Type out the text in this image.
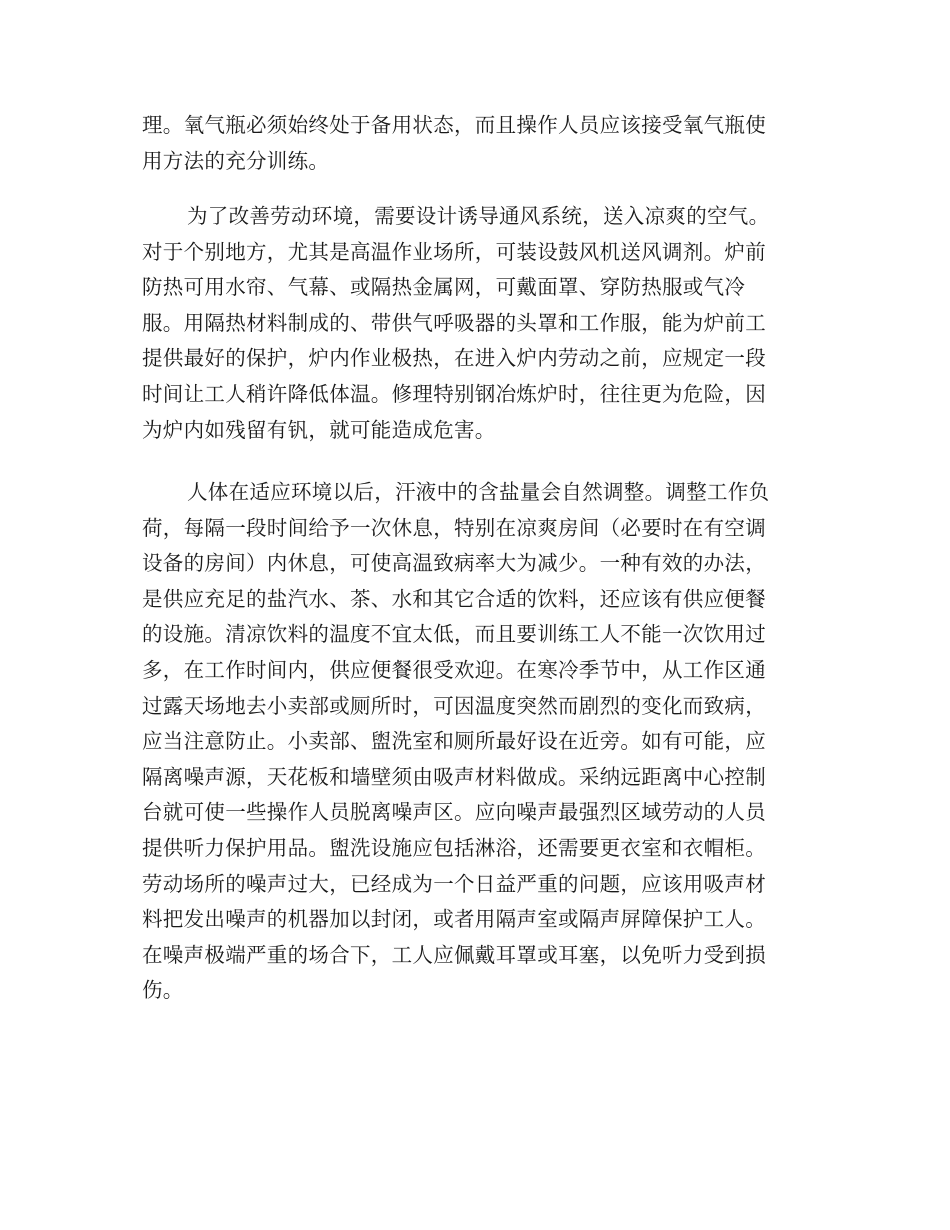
理。氧气瓶必须始终处于备用状态，而且操作人员应该接受氧气瓶使
用方法的充分训练。
为了改善劳动环境，需要设计诱导通风系统，送入凉爽的空气。
对于个别地方，尤其是高温作业场所，可装设鼓风机送风调剂。炉前
防热可用水帘、气幕、或隔热金属网，可戴面罩、穿防热服或气冷
服。用隔热材料制成的、带供气呼吸器的头罩和工作服，能为炉前工
提供最好的保护，炉内作业极热，在进入炉内劳动之前，应规定一段
时间让工人稍许降低体温。修理特别钢冶炼炉时，往往更为危险，因
为炉内如残留有钒，就可能造成危害。
人体在适应环境以后，汗液中的含盐量会自然调整。调整工作负
荷，每隔一段时间给予一次休息，特别在凉爽房间（必要时在有空调
设备的房间）内休息，可使高温致病率大为减少。一种有效的办法，
是供应充足的盐汽水、茶、水和其它合适的饮料，还应该有供应便餐
的设施。清凉饮料的温度不宜太低，而且要训练工人不能一次饮用过
多，在工作时间内，供应便餐很受欢迎。在寒冷季节中，从工作区通
过露天场地去小卖部或厕所时，可因温度突然而剧烈的变化而致病，
应当注意防止。小卖部、盥洗室和厕所最好设在近旁。如有可能，应
隔离噪声源，天花板和墙壁须由吸声材料做成。采纳远距离中心控制
台就可使一些操作人员脱离噪声区。应向噪声最强烈区域劳动的人员
提供听力保护用品。盥洗设施应包括淋浴，还需要更衣室和衣帽柜。
劳动场所的噪声过大，已经成为一个日益严重的问题，应该用吸声材
料把发出噪声的机器加以封闭，或者用隔声室或隔声屏障保护工人。
在噪声极端严重的场合下，工人应佩戴耳罩或耳塞，以免听力受到损
伤。
